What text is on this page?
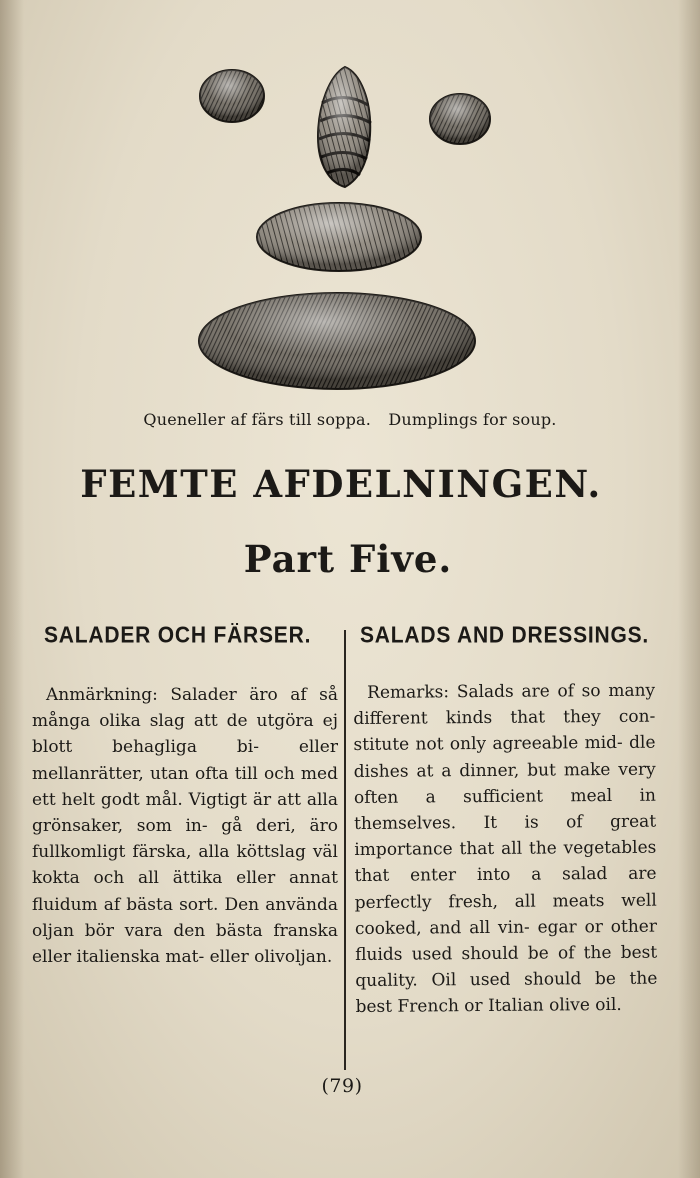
Queneller af färs till soppa. Dumplings for soup.
FEMTE AFDELNINGEN.
Part Five.
SALADER OCH FÄRSER. SALADS AND DRESSINGS.

Anmärkning: Salader äro af så många olika slag att de utgöra ej blott behagliga bi- eller mellanrätter, utan ofta till och med ett helt godt mål. Vigtigt är att alla grönsaker, som in- gå deri, äro fullkomligt färska, alla köttslag väl kokta och all ättika eller annat fluidum af bästa sort. Den använda oljan bör vara den bästa franska eller italienska mat- eller olivoljan.

Remarks: Salads are of so many different kinds that they con- stitute not only agreeable mid- dle dishes at a dinner, but make very often a sufficient meal in themselves. It is of great importance that all the vegetables that enter into a salad are perfectly fresh, all meats well cooked, and all vin- egar or other fluids used should be of the best quality. Oil used should be the best French or Italian olive oil.

(79)
